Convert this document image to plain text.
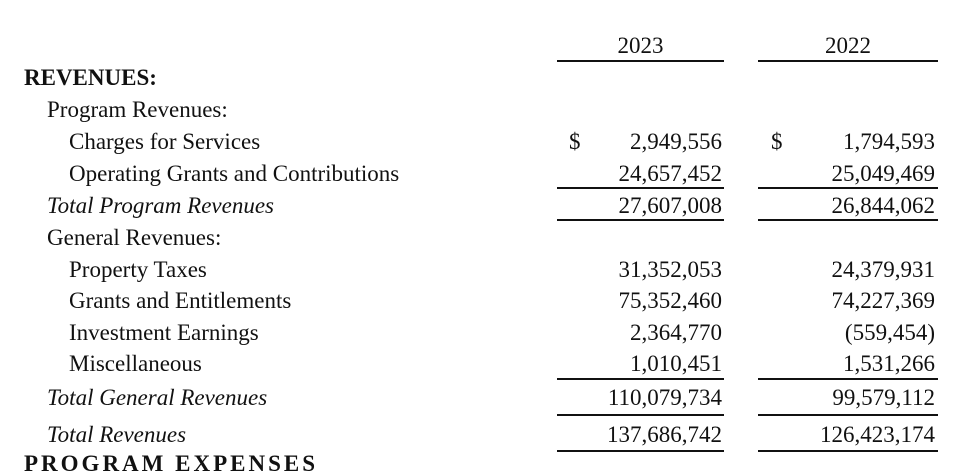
2023	2022
REVENUES:
Program Revenues:
Charges for Services	$ 2,949,556 $	1,794,593
Operating Grants and Contributions	24,657,452	25,049,469
Total Program Revenues	27,607,008	26,844,062
General Revenues:
Property Taxes	31,352,053	24,379,931
Grants and Entitlements	75,352,460	74,227,369
Investment Earnings	2,364,770	(559,454)
Miscellaneous	1,010,451	1,531,266
Total General Revenues	110,079,734	99,579,112
Total Revenues	137,686,742	126,423,174
PROGRAM EXPENSES
